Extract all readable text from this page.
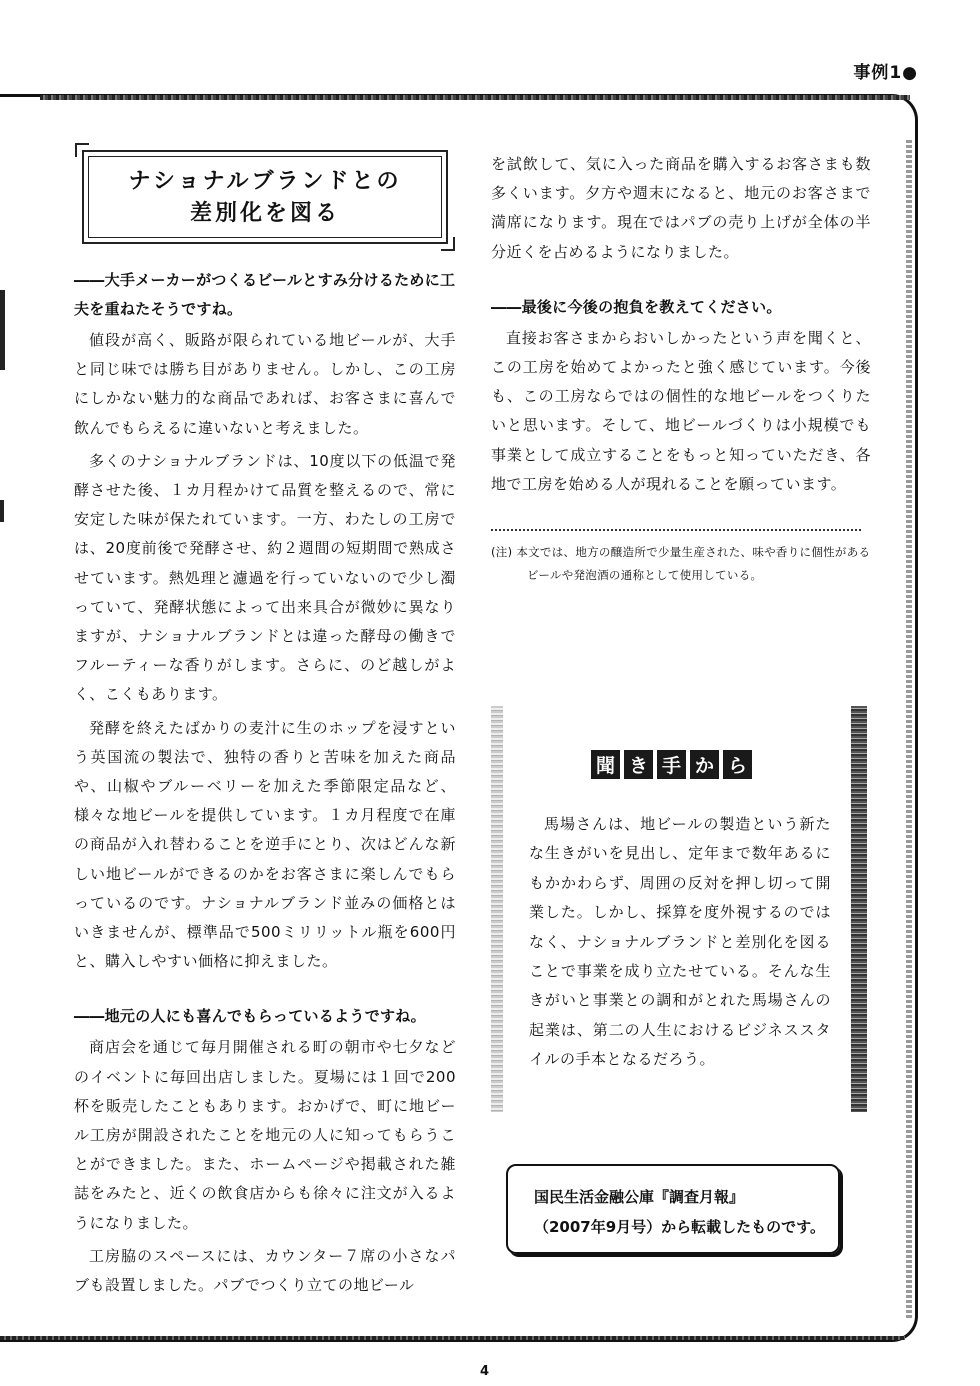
事例1●
ナショナルブランドとの
差別化を図る

――大手メーカーがつくるビールとすみ分けるために工夫を重ねたそうですね。

値段が高く、販路が限られている地ビールが、大手と同じ味では勝ち目がありません。しかし、この工房にしかない魅力的な商品であれば、お客さまに喜んで飲んでもらえるに違いないと考えました。

多くのナショナルブランドは、10度以下の低温で発酵させた後、１カ月程かけて品質を整えるので、常に安定した味が保たれています。一方、わたしの工房では、20度前後で発酵させ、約２週間の短期間で熟成させています。熱処理と濾過を行っていないので少し濁っていて、発酵状態によって出来具合が微妙に異なりますが、ナショナルブランドとは違った酵母の働きでフルーティーな香りがします。さらに、のど越しがよく、こくもあります。

発酵を終えたばかりの麦汁に生のホップを浸すという英国流の製法で、独特の香りと苦味を加えた商品や、山椒やブルーベリーを加えた季節限定品など、様々な地ビールを提供しています。１カ月程度で在庫の商品が入れ替わることを逆手にとり、次はどんな新しい地ビールができるのかをお客さまに楽しんでもらっているのです。ナショナルブランド並みの価格とはいきませんが、標準品で500ミリリットル瓶を600円と、購入しやすい価格に抑えました。

――地元の人にも喜んでもらっているようですね。

商店会を通じて毎月開催される町の朝市や七夕などのイベントに毎回出店しました。夏場には１回で200杯を販売したこともあります。おかげで、町に地ビール工房が開設されたことを地元の人に知ってもらうことができました。また、ホームページや掲載された雑誌をみたと、近くの飲食店からも徐々に注文が入るようになりました。

工房脇のスペースには、カウンター７席の小さなパブも設置しました。パブでつくり立ての地ビール

を試飲して、気に入った商品を購入するお客さまも数多くいます。夕方や週末になると、地元のお客さまで満席になります。現在ではパブの売り上げが全体の半分近くを占めるようになりました。

――最後に今後の抱負を教えてください。

直接お客さまからおいしかったという声を聞くと、この工房を始めてよかったと強く感じています。今後も、この工房ならではの個性的な地ビールをつくりたいと思います。そして、地ビールづくりは小規模でも事業として成立することをもっと知っていただき、各地で工房を始める人が現れることを願っています。

(注) 本文では、地方の醸造所で少量生産された、味や香りに個性があるビールや発泡酒の通称として使用している。
聞 き 手 か ら
馬場さんは、地ビールの製造という新たな生きがいを見出し、定年まで数年あるにもかかわらず、周囲の反対を押し切って開業した。しかし、採算を度外視するのではなく、ナショナルブランドと差別化を図ることで事業を成り立たせている。そんな生きがいと事業との調和がとれた馬場さんの起業は、第二の人生におけるビジネススタイルの手本となるだろう。
国民生活金融公庫『調査月報』
（2007年9月号）から転載したものです。
4
